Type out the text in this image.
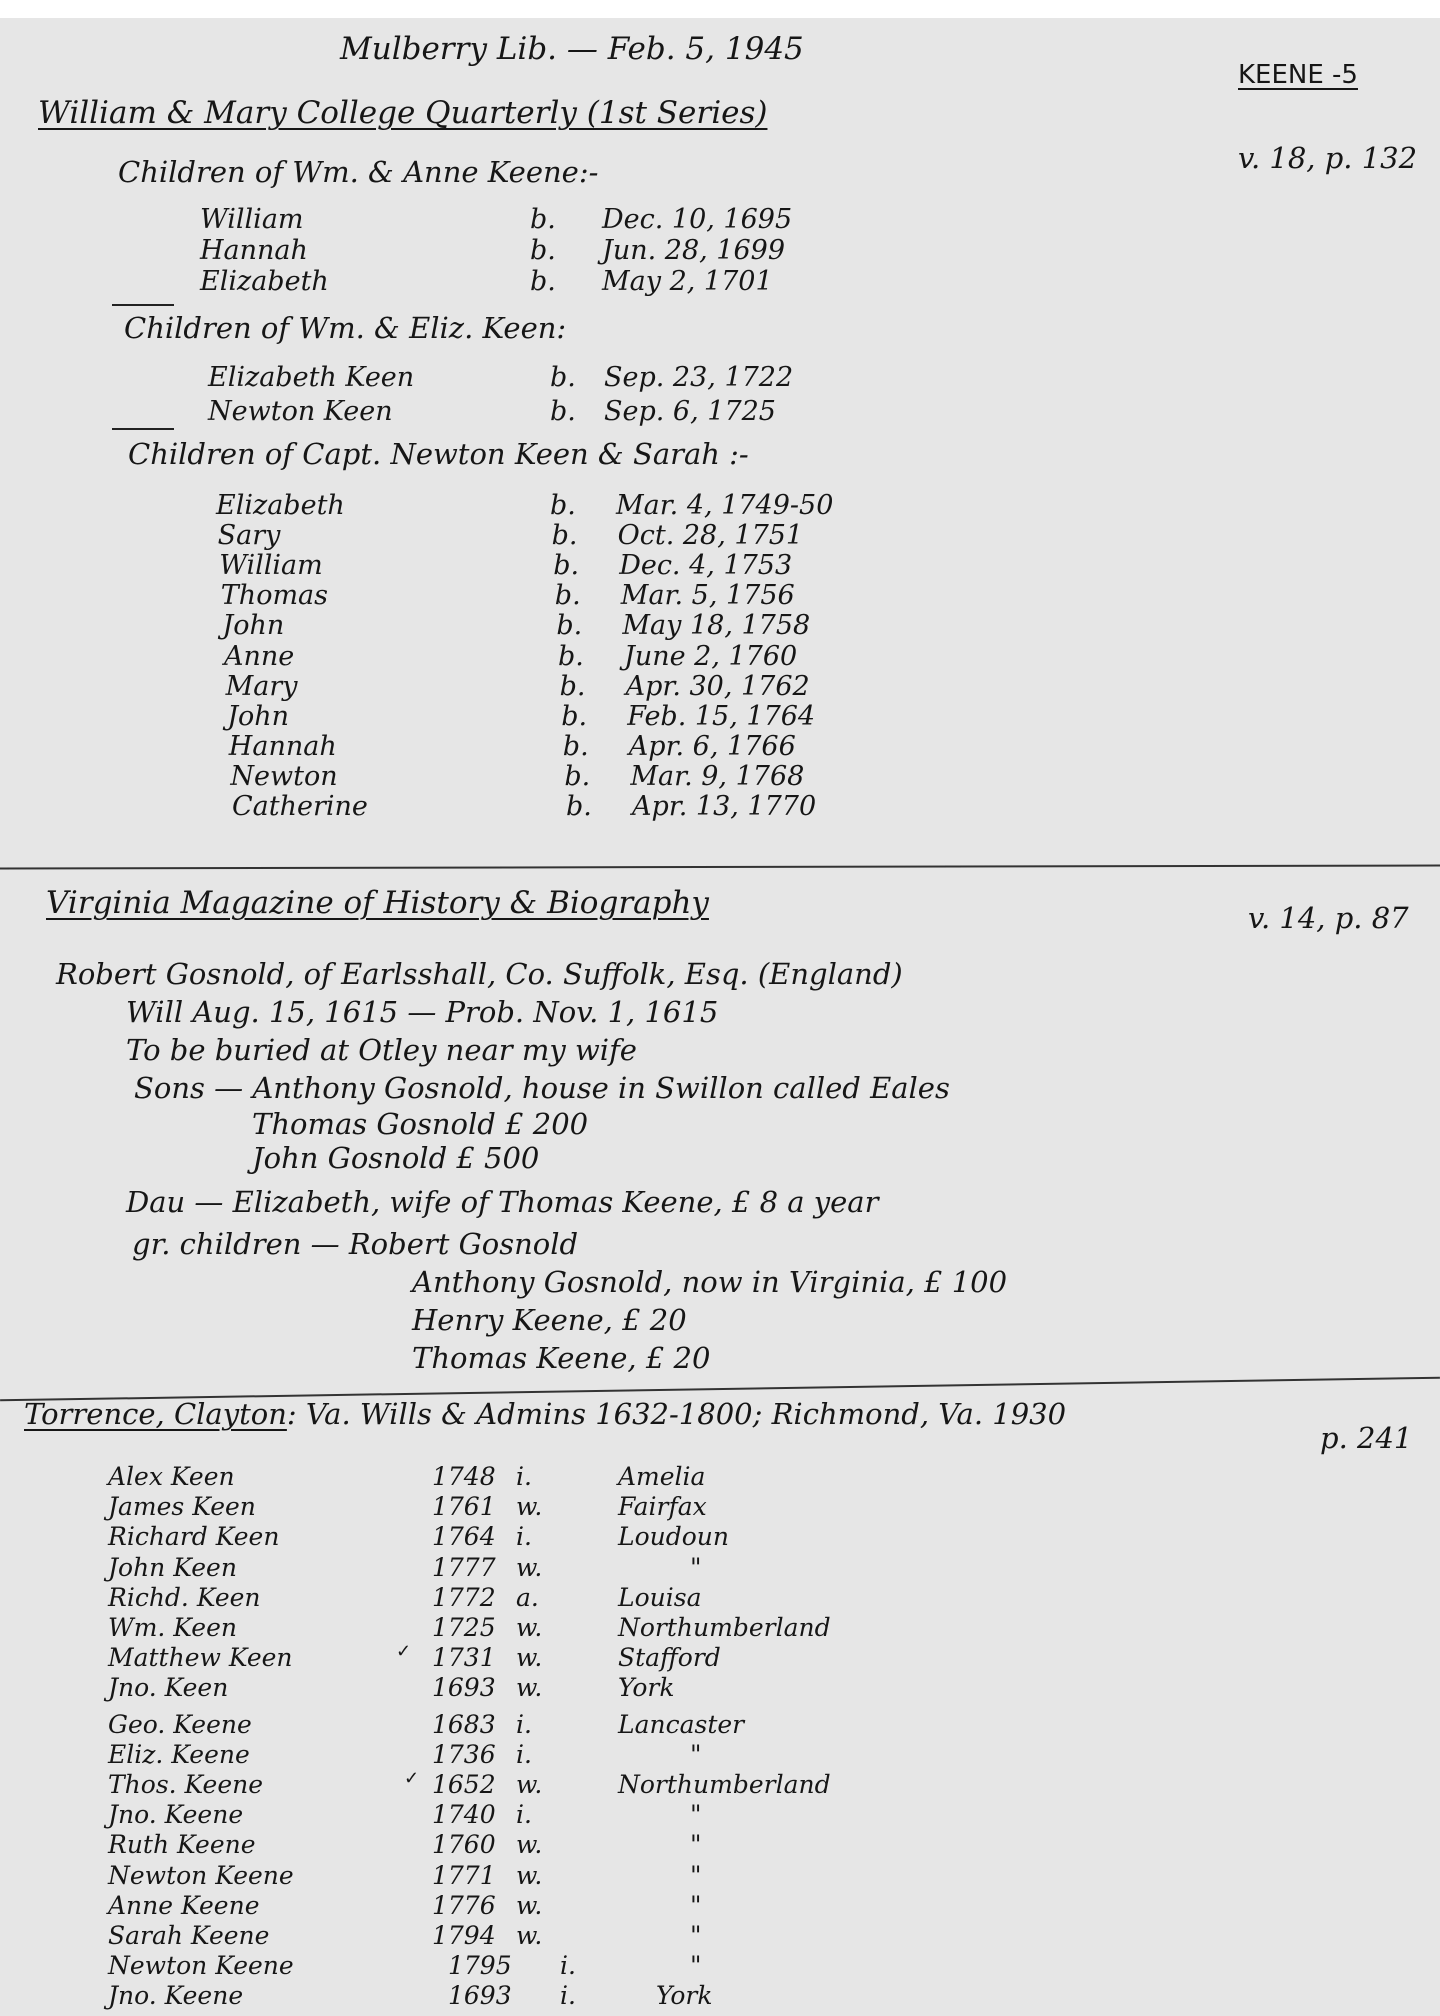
Mulberry Lib. — Feb. 5, 1945
KEENE -5
William & Mary College Quarterly (1st Series)
v. 18, p. 132
Children of Wm. & Anne Keene:-
William	b. Dec. 10, 1695
Hannah	b. Jun. 28, 1699
Elizabeth	b. May 2, 1701
Children of Wm. & Eliz. Keen:
Elizabeth Keen	b. Sep. 23, 1722
Newton Keen	b. Sep. 6, 1725
Children of Capt. Newton Keen & Sarah :-
Elizabeth	b. Mar. 4, 1749-50
Sary	b. Oct. 28, 1751
William	b. Dec. 4, 1753
Thomas	b. Mar. 5, 1756
John	b. May 18, 1758
Anne	b. June 2, 1760
Mary	b. Apr. 30, 1762
John	b. Feb. 15, 1764
Hannah	b. Apr. 6, 1766
Newton	b. Mar. 9, 1768
Catherine	b. Apr. 13, 1770
Virginia Magazine of History & Biography	v. 14, p. 87
Robert Gosnold, of Earlsshall, Co. Suffolk, Esq. (England)
Will Aug. 15, 1615 — Prob. Nov. 1, 1615
To be buried at Otley near my wife
Sons — Anthony Gosnold, house in Swillon called Eales
Thomas Gosnold £ 200
John Gosnold £ 500
Dau — Elizabeth, wife of Thomas Keene, £ 8 a year
gr. children — Robert Gosnold
Anthony Gosnold, now in Virginia, £ 100
Henry Keene, £ 20
Thomas Keene, £ 20
Torrence, Clayton: Va. Wills & Admins 1632-1800; Richmond, Va. 1930
p. 241
Alex Keen	1748 i.	Amelia
James Keen	1761 w.	Fairfax
Richard Keen	1764 i.	Loudoun
John Keen	1777 w.	"
Richd. Keen	1772 a.	Louisa
Wm. Keen	1725 w.	Northumberland
Matthew Keen	✓ 1731 w.	Stafford
Jno. Keen	1693 w.	York
Geo. Keene	1683 i.	Lancaster
Eliz. Keene	1736 i.	"
Thos. Keene	✓ 1652 w.	Northumberland
Jno. Keene	1740 i.	"
Ruth Keene	1760 w.	"
Newton Keene	1771 w.	"
Anne Keene	1776 w.	"
Sarah Keene	1794 w.	"
Newton Keene	1795 i.	"
Jno. Keene	1693 i.	York
